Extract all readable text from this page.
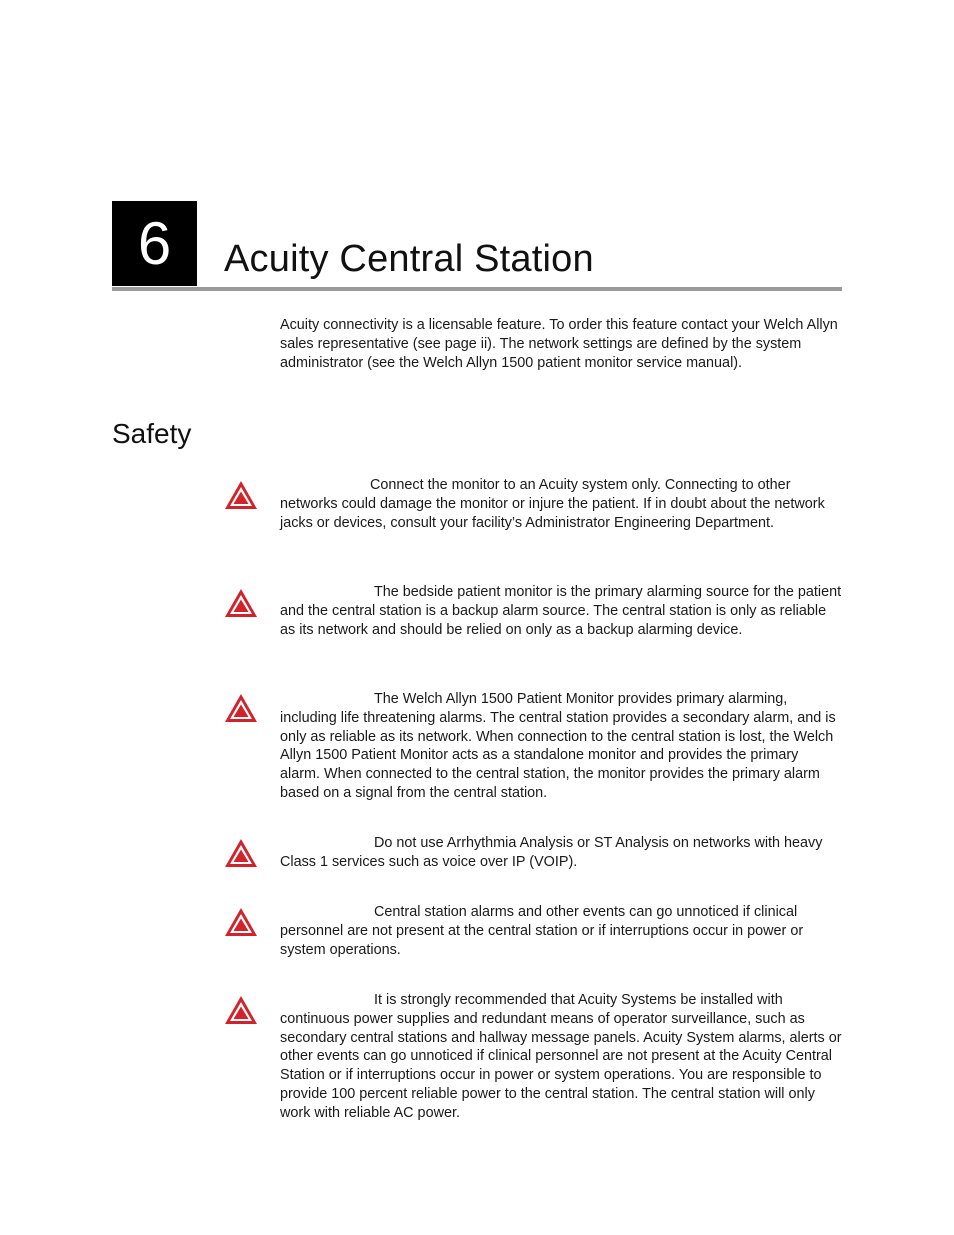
6	Acuity Central Station
Acuity connectivity is a licensable feature. To order this feature contact your Welch Allyn sales representative (see page ii). The network settings are defined by the system administrator (see the Welch Allyn 1500 patient monitor service manual).
Safety
Connect the monitor to an Acuity system only. Connecting to other networks could damage the monitor or injure the patient. If in doubt about the network jacks or devices, consult your facility’s Administrator Engineering Department.
The bedside patient monitor is the primary alarming source for the patient and the central station is a backup alarm source. The central station is only as reliable as its network and should be relied on only as a backup alarming device.
The Welch Allyn 1500 Patient Monitor provides primary alarming, including life threatening alarms. The central station provides a secondary alarm, and is only as reliable as its network. When connection to the central station is lost, the Welch Allyn 1500 Patient Monitor acts as a standalone monitor and provides the primary alarm. When connected to the central station, the monitor provides the primary alarm based on a signal from the central station.
Do not use Arrhythmia Analysis or ST Analysis on networks with heavy Class 1 services such as voice over IP (VOIP).
Central station alarms and other events can go unnoticed if clinical personnel are not present at the central station or if interruptions occur in power or system operations.
It is strongly recommended that Acuity Systems be installed with continuous power supplies and redundant means of operator surveillance, such as secondary central stations and hallway message panels. Acuity System alarms, alerts or other events can go unnoticed if clinical personnel are not present at the Acuity Central Station or if interruptions occur in power or system operations. You are responsible to provide 100 percent reliable power to the central station. The central station will only work with reliable AC power.
